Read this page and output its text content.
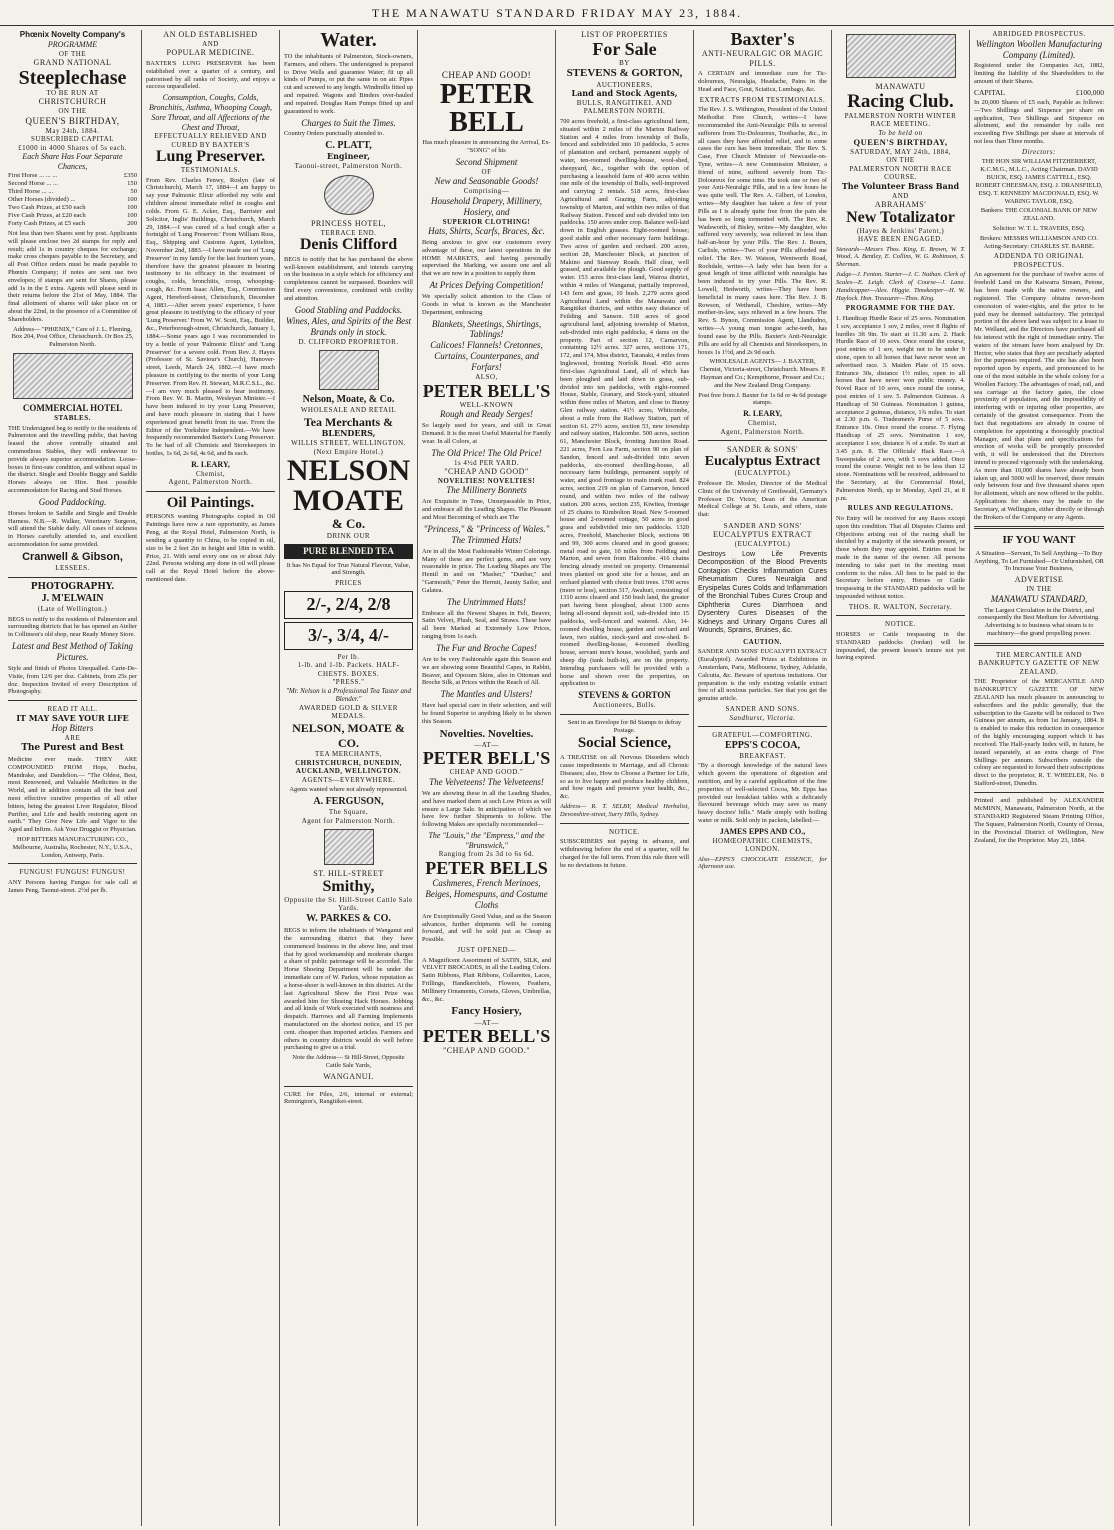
THE MANAWATU STANDARD FRIDAY MAY 23, 1884.
Phœnix Novelty Company's
PROGRAMME
OF THE
GRAND NATIONAL
Steeplechase
TO BE RUN AT
CHRISTCHURCH
ON THE
QUEEN'S BIRTHDAY,
May 24th, 1884.
SUBSCRIBED CAPITAL
£1000 in 4000 Shares of 5s each.
Each Share Has Four Separate Chances,
First Horse ... ... ...	£350
Second Horse ... ...	150
Third Horse ... ...	50
Other Horses (divided) ...	100
Two Cash Prizes, at £50 each	100
Five Cash Prizes, at £20 each	100
Forty Cash Prizes, at £5 each	200
Not less than two Shares sent by post. Applicants will please enclose two 2d stamps for reply and result; add 1s in country cheques for exchange; make cross cheques payable to the Secretary, and all Post Office orders must be made payable to Phœnix Company; if notes are sent use two envelopes; if stamps are sent for Shares, please add 1s in the £ extra. Agents will please send in their returns before the 21st of May, 1884. The final allotment of shares will take place on or about the 22nd, in the presence of a Committee of Shareholders.
Address— "PHŒNIX," Care of J. L. Fleming, Box 204, Post Office, Christchurch. Or Box 25, Palmerston North.
COMMERCIAL HOTEL
STABLES.
THE Undersigned beg to notify to the residents of Palmerston and the travelling public, that having leased the above centrally situated and commodious Stables, they will endeavour to provide always superior accommodation. Loose-boxes in first-rate condition, and without equal in the district. Single and Double Buggy and Saddle Horses always on Hire. Best possible accommodation for Racing and Stud Horses.
Good Paddocking.
Horses broken to Saddle and Single and Double Harness. N.B.—R. Walker, Veterinary Surgeon, will attend the Stable daily. All cases of sickness in Horses carefully attended to, and excellent accommodation for same provided.
Cranwell & Gibson,
LESSEES.
PHOTOGRAPHY.
J. M'ELWAIN
(Late of Wellington.)
BEGS to notify to the residents of Palmerston and surrounding districts that he has opened an Atelier in Collinson's old shop, near Ready Money Store.
Latest and Best Method of Taking Pictures.
Style and finish of Photos Unequalled. Carte-De-Visite, from 12/6 per doz. Cabinets, from 25s per doz. Inspection Invited of every Description of Photography.
READ IT ALL.
IT MAY SAVE YOUR LIFE
Hop Bitters
ARE
The Purest and Best
Medicine ever made. THEY ARE COMPOUNDED FROM Hops, Buchu, Mandrake, and Dandelion.— "The Oldest, Best, most Renowned, and Valuable Medicines in the World, and in addition contain all the best and most effective curative properties of all other bitters, being the greatest Liver Regulator, Blood Purifier, and Life and health restoring agent on earth." They Give New Life and Vigor to the Aged and Infirm. Ask Your Druggist or Physician.
HOP BITTERS MANUFACTURING CO., Melbourne, Australia, Rochester, N.Y., U.S.A., London, Antwerp, Paris.
FUNGUS! FUNGUS! FUNGUS!
ANY Persons having Fungus for sale call at James Peng, Taonui-street. 2½d per lb.
AN OLD ESTABLISHED
AND
POPULAR MEDICINE.
BAXTER'S LUNG PRESERVER has been established over a quarter of a century, and patronised by all ranks of Society, and enjoys a success unparalleled.
Consumption, Coughs, Colds, Bronchitis, Asthma, Whooping Cough, Sore Throat, and all Affections of the Chest and Throat,
EFFECTUALLY RELIEVED AND CURED BY BAXTER'S
Lung Preserver.
TESTIMONIALS.
From Rev. Charles Fenwy, Roslyn (late of Christchurch), March 17, 1884—I am happy to say your Palmonic Elixir afforded my wife and children almost immediate relief in coughs and colds. From G. E. Acker, Esq., Barrister and Solicitor, Inglis' Buildings, Christchurch, March 29, 1884.—I was cured of a bad cough after a fortnight of 'Lung Preserver.' From William Ross, Esq., Shipping and Customs Agent, Lyttelton, November 2nd, 1883.—I have made use of 'Lung Preserver' in my family for the last fourteen years, therefore have the greatest pleasure in bearing testimony to its efficacy in the treatment of coughs, colds, bronchitis, croup, whooping-cough, &c. From Isaac Allen, Esq., Commission Agent, Hereford-street, Christchurch, December 4, 1883.—After seven years' experience, I have great pleasure in testifying to the efficacy of your 'Lung Preserver.' From W. W. Scott, Esq., Builder, &c., Peterborough-street, Christchurch, January 1, 1884.—Some years ago I was recommended to try a bottle of your 'Palmonic Elixir' and 'Lung Preserver' for a severe cold. From Rev. J. Hayes (Professor of St. Saviour's Church), Hanover-street, Leeds, March 24, 1882.—I have much pleasure in certifying to the merits of your Lung Preserver. From Rev. H. Stewart, M.R.C.S.L., &c.—I am very much pleased to bear testimony. From Rev. W. B. Martin, Wesleyan Minister.—I have been induced to try your Lung Preserver, and have much pleasure in stating that I have experienced great benefit from its use. From the Editor of the Yorkshire Independent.—We have frequently recommended Baxter's Lung Preserver. To be had of all Chemists and Storekeepers in bottles, 1s 6d, 2s 6d, 4s 6d, and 8s each.
R. LEARY,
Chemist,
Agent, Palmerston North.
Oil Paintings.
PERSONS wanting Photographs copied in Oil Paintings have now a rare opportunity, as James Peng, at the Royal Hotel, Palmerston North, is sending a quantity to China, to be copied in oil, size to be 2 feet 2in in height and 18in in width. Price, 21. With send every one on or about July 22nd. Persons wishing any done in oil will please call at the Royal Hotel before the above-mentioned date.
Water.
TO the inhabitants of Palmerston, Stock-owners, Farmers, and others. The undersigned is prepared to Drive Wells and guarantee Water; fit up all kinds of Pumps, or put the same in on air. Pipes cut and screwed to any length. Windmills fitted up and repaired. Wagons and Binders over-hauled and repaired. Douglas Ram Pumps fitted up and guaranteed to work.
Charges to Suit the Times.
Country Orders punctually attended to.
C. PLATT,
Engineer,
Taonui-street, Palmerston North.
PRINCESS HOTEL,
TERRACE END.
Denis Clifford
BEGS to notify that he has purchased the above well-known establishment, and intends carrying on the business in a style which for efficiency and completeness cannot be surpassed. Boarders will find every convenience, combined with civility and attention.
Good Stabling and Paddocks.
Wines, Ales, and Spirits of the Best Brands only in stock.
D. CLIFFORD PROPRIETOR.
Nelson, Moate, & Co.
WHOLESALE AND RETAIL
Tea Merchants &
BLENDERS,
WILLIS STREET, WELLINGTON. (Next Empire Hotel.)
NELSON
MOATE
& Co.
DRINK OUR
PURE BLENDED TEA
It has No Equal for True Natural Flavour, Value, and Strength.
PRICES
2/-, 2/4, 2/8
3/-, 3/4, 4/-
Per lb.
1-lb. and 1-lb. Packets. HALF-CHESTS. BOXES.
"PRESS."
"Mr. Nelson is a Professional Tea Taster and Blender."
AWARDED GOLD & SILVER MEDALS.
NELSON, MOATE & CO.
TEA MERCHANTS,
CHRISTCHURCH, DUNEDIN, AUCKLAND, WELLINGTON.
AGENTS—EVERYWHERE.
Agents wanted where not already represented.
A. FERGUSON,
The Square,
Agent for Palmerston North.
ST. HILL-STREET
Smithy,
Opposite the St. Hill-Street Cattle Sale Yards.
W. PARKES & CO.
BEGS to inform the inhabitants of Wanganui and the surrounding district that they have commenced business in the above line, and trust that by good workmanship and moderate charges a share of public patronage will be accorded. The Horse Shoeing Department will be under the immediate care of W. Parkes, whose reputation as a horse-shoer is well-known in this district. At the last Agricultural Show the First Prize was awarded him for Shoeing Hack Horses. Jobbing and all kinds of Work executed with neatness and despatch. Harrows and all Farming Implements manufactured on the shortest notice, and 15 per cent. cheaper than imported articles. Farmers and others in country districts would do well before purchasing to give us a trial.
Note the Address— St Hill-Street, Opposite Cattle Sale Yards,
WANGANUI.
CURE for Piles, 2/6, internal or external; Remington's, Rangitikei-street.
CHEAP AND GOOD!
PETER BELL
Has much pleasure in announcing the Arrival, Ex-"SONG" of his
Second Shipment
OF
New and Seasonable Goods!
Comprising—
Household Drapery, Millinery, Hosiery, and
SUPERIOR CLOTHING!
Hats, Shirts, Scarfs, Braces, &c.
Being anxious to give our customers every advantage of these, our latest operations in the HOME MARKETS, and having personally supervised the Marking, we assure one and all that we are now in a position to supply them
At Prices Defying Competition!
We specially solicit attention to the Class of Goods in what is known as the Manchester Department, embracing
Blankets, Sheetings, Shirtings, Tablings!
Calicoes! Flannels! Cretonnes, Curtains, Counterpanes, and Forfars!
ALSO,
PETER BELL'S
WELL-KNOWN
Rough and Ready Serges!
So largely used for years, and still in Great Demand. It is the most Useful Material for Family wear. In all Colors, at
The Old Price! The Old Price!
1s 4½d PER YARD.
"CHEAP AND GOOD"
NOVELTIES! NOVELTIES!
The Millinery Bonnets
Are Exquisite in Tone, Unsurpassable in Price, and embrace all the Leading Shapes. The Pleasant and Most Becoming of which are The
"Princess," & "Princess of Wales."
The Trimmed Hats!
Are in all the Most Fashionable Winter Colorings. Many of these are perfect gems, and are very reasonable in price. The Leading Shapes are The Hentil in and on "Masher," "Dunbar," and "Garmouth," Peter the Hermit, Jaunty Sailor, and Galatea.
The Untrimmed Hats!
Embrace all the Newest Shapes in Felt, Beaver, Satin Velvet, Plush, Seal, and Straws. These have all been Marked at Extremely Low Prices, ranging from 1s each.
The Fur and Broche Capes!
Are to be very Fashionable again this Season and we are showing some Beautiful Capes, in Rabbit, Beaver, and Oposum Skins, also in Ottoman and Broche Silk, at Prices within the Reach of All.
The Mantles and Ulsters!
Have had special care in their selection, and will be found Superior to anything likely to be shown this Season.
Novelties. Novelties.
—AT—
PETER BELL'S
CHEAP AND GOOD."
The Velveteens! The Velveteens!
We are showing these in all the Leading Shades, and have marked them at such Low Prices as will ensure a Large Sale. In anticipation of which we have few further Shipments to follow. The following Makes are specially recommended—
The "Louis," the "Empress," and the "Brunswick,"
Ranging from 2s 3d to 6s 6d.
PETER BELLS
Cashmeres, French Merinoes, Beiges, Homespuns, and Costume Cloths
Are Exceptionally Good Value, and as the Season advances, further shipments will be coming forward, and will be sold just as Cheap as Possible.
JUST OPENED—
A Magnificent Assortment of SATIN, SILK, and VELVET BROCADES, in all the Leading Colors. Satin Ribbons, Plait Ribbons, Collarettes, Laces, Frillings, Handkerchiefs, Flowers, Feathers, Millinery Ornaments, Corsets, Gloves, Umbrellas, &c., &c.
Fancy Hosiery,
—AT—
PETER BELL'S
"CHEAP AND GOOD."
LIST OF PROPERTIES
For Sale
BY
STEVENS & GORTON,
AUCTIONEERS,
Land and Stock Agents,
BULLS, RANGITIKEI. AND PALMERSTON NORTH.
700 acres freehold, a first-class agricultural farm, situated within 2 miles of the Marton Railway Station and 4 miles from township of Bulls, fenced and subdivided into 10 paddocks, 5 acres of plantation and orchard, permanent supply of water, ten-roomed dwelling-house, wool-shed, sheepyard, &c., together with the option of purchasing a leasehold farm of 400 acres within one mile of the township of Bulls, well-improved and carrying 2 rentals. 518 acres, first-class Agricultural and Grazing Farm, adjoining township of Marton, and within two miles of that Railway Station. Fenced and sub divided into ten paddocks. 150 acres under crop. Balance well-laid down in English grasses. Eight-roomed house; good stable and other necessary farm buildings. Two acres of garden and orchard. 200 acres, section 28, Manchester Block, at junction of Makino and Stanway Roads. Half clear, well grassed, and available for plough. Good supply of water. 153 acres first-class land, Wairoa district, within 4 miles of Wanganui, partially improved, 143 fern and grass, 10 bush. 2,279 acres good Agricultural Land within the Manawatu and Rangitikei districts, and within easy distance of Feilding and Sanson. 518 acres of good agricultural land, adjoining township of Marton, sub-divided into eight paddocks, 4 dams on the property. Part of section 12, Carnarvon, containing 12½ acres. 327 acres, sections 171, 172, and 174, Moa district, Taranaki, 4 miles from Inglewood, fronting Norfolk Road. 450 acres first-class Agricultural Land, all of which has been ploughed and laid down in grass, sub-divided into ten paddocks, with eight-roomed House, Stable, Granary, and Stock-yard, situated within three miles of Marton, and close to Bunny Glen railway station. 41½ acres, Whitcombe, about a mile from the Railway Station, part of section 61. 27½ acres, section 53, new township and railway station, Halcombe. 500 acres, section 61, Manchester Block, fronting Junction Road. 221 acres, Fern Lea Farm, section 90 on plan of Sandon, fenced and sub-divided into seven paddocks, six-roomed dwelling-house, all necessary farm buildings, permanent supply of water, and good frontage to main trunk road. 824 acres, section 219 on plan of Carnarvon, fenced round, and within two miles of the railway station. 200 acres, section 235, Kiwitea, frontage of 25 chains to Kimbolton Road. New 5-roomed house and 2-roomed cottage, 50 acres in good grass and subdivided into ten paddocks. 1320 acres, Freehold, Manchester Block, sections 98 and 99, 300 acres cleared and in good grasses; metal road to gate, 10 miles from Feilding and Marton, and seven from Halcombe. 416 chains fencing already erected on property. Ornamental trees planted on good site for a house, and an orchard planted with choice fruit trees. 1700 acres (more or less), section 317, Awahuri, consisting of 1310 acres cleared and 150 bush land, the greater part having been ploughed, about 1300 acres being all-round deposit soil, sub-divided into 15 paddocks, well-fenced and watered. Also, 14-roomed dwelling house, garden and orchard and lawn, two stables, stock-yard and cow-shed. 8-roomed dwelling-house, 4-roomed dwelling house, servant men's house, woolshed, yards and sheep dip (tank built-in), are on the property. Intending purchasers will be provided with a horse and shown over the properties, on application to
STEVENS & GORTON
Auctioneers, Bulls.
Sent in an Envelope for 8d Stamps to defray Postage.
Social Science,
A TREATISE on all Nervous Disorders which cause impediments to Marriage, and all Chronic Diseases; also, How to Choose a Partner for Life, so as to live happy and produce healthy children, and how regain and preserve your health, &c., &c.
Address— R. T. SELBY, Medical Herbalist, Devonshire-street, Surry Hills, Sydney.
NOTICE.
SUBSCRIBERS not paying in advance, and withdrawing before the end of a quarter, will be charged for the full term. From this rule there will be no deviations in future.
Baxter's
ANTI-NEURALGIC OR MAGIC PILLS.
A CERTAIN and immediate cure for Tic-doloureux, Neuralgia, Headache, Pains in the Head and Face, Gout, Sciatica, Lumbago, &c.
EXTRACTS FROM TESTIMONIALS.
The Rev. J. S. Withington, President of the United Methodist Free Church, writes—I have recommended the Anti-Neuralgic Pills to several sufferers from Tic-Doloureux, Toothache, &c., in all cases they have afforded relief, and in some cases the cure has been immediate. The Rev. S. Case, Free Church Minister of Newcastle-on-Tyne, writes—A new Commission Minister, a friend of mine, suffered severely from Tic-Doloureux for some time. He took one or two of your Anti-Neuralgic Pills, and in a few hours he was quite well. The Rev. A. Gilbert, of London, writes—My daughter has taken a few of your Pills as I is already quite free from the pain she has been so long tormented with. The Rev. R. Wadsworth, of Bisley, writes—My daughter, who suffered very severely, was relieved in less than half-an-hour by your Pills. The Rev. J. Bourn, Carlisle, writes—Two of your Pills afforded me relief. The Rev. W. Watson, Wentworth Road, Rochdale, writes—A lady who has been for a great length of time afflicted with neuralgia has been induced to try your Pills. The Rev. R. Lowell, Hedworth, writes—They have been beneficial in many cases here. The Rev. J. B. Rowson, of Wetherall, Cheshire, writes—My mother-in-law, says relieved in a few hours. The Rev. S. Bynon, Commission Agent, Llandudno, writes—A young man tongue ache-teeth, has found ease by the Pills. Baxter's Anti-Neuralgic Pills are sold by all Chemists and Storekeepers, in boxes 1s 1½d, and 2s 9d each.
WHOLESALE AGENTS— J. BAXTER, Chemist, Victoria-street, Christchurch. Messrs. P. Hayman and Co.; Kempthorne, Prosser and Co.; and the New Zealand Drug Company.
Post free from J. Baxter for 1s 6d or 4s 6d postage stamps.
R. LEARY,
Chemist,
Agent, Palmerston North.
SANDER & SONS'
Eucalyptus Extract
(EUCALYPTOL)
Professor Dr. Mosler, Director of the Medical Clinic of the University of Greifswald, Germany's Professor Dr. Victor, Dean of the American Medical College at St. Louis, and others, state that:
SANDER AND SONS'
EUCALYPTUS EXTRACT
(EUCALYPTOL)
Destroys Low Life Prevents Decomposition of the Blood Prevents Contagion Checks Inflammation Cures Rheumatism Cures Neuralgia and Erysipelas Cures Colds and Inflammation of the Bronchial Tubes Cures Croup and Diphtheria Cures Diarrhoea and Dysentery Cures Diseases of the Kidneys and Urinary Organs Cures all Wounds, Sprains, Bruises, &c.
CAUTION.
SANDER AND SONS' EUCALYPTI EXTRACT (Eucalyptol). Awarded Prizes at Exhibitions in Amsterdam, Paris, Melbourne, Sydney, Adelaide, Calcutta, &c. Beware of spurious imitations. Our preparation is the only existing volatile extract free of all noxious particles. See that you get the genuine article.
SANDER AND SONS.
Sandhurst, Victoria.
GRATEFUL—COMFORTING.
EPPS'S COCOA,
BREAKFAST.
"By a thorough knowledge of the natural laws which govern the operations of digestion and nutrition, and by a careful application of the fine properties of well-selected Cocoa, Mr. Epps has provided our breakfast tables with a delicately flavoured beverage which may save us many heavy doctors' bills." Made simply with boiling water or milk. Sold only in packets, labelled:—
JAMES EPPS AND CO.,
HOMŒOPATHIC CHEMISTS, LONDON.
Also—EPPS'S CHOCOLATE ESSENCE, for Afternoon use.
MANAWATU
Racing Club.
PALMERSTON NORTH WINTER RACE MEETING.
To be held on
QUEEN'S BIRTHDAY,
SATURDAY, MAY 24th, 1884,
ON THE
PALMERSTON NORTH RACE COURSE.
The Volunteer Brass Band
AND
ABRAHAMS'
New Totalizator
(Hayes & Jenkins' Patent,)
HAVE BEEN ENGAGED.
Stewards—Messrs Thos. King, E. Brown, W. T. Wood, A. Bentley, E. Collins, W. G. Robinson, S. Sherman.
Judge—J. Fenton. Starter—J. C. Nathan. Clerk of Scales—E. Leigh. Clerk of Course—J. Lane. Handicapper—Alex. Higgie. Timekeeper—H. W. Haylock. Hon. Treasurer—Thos. King.
PROGRAMME FOR THE DAY.
1. Handicap Hurdle Race of 25 sovs. Nomination 1 sov, acceptance 1 sov, 2 miles, over 8 flights of hurdles 3ft 9in. To start at 11.30 a.m. 2. Hack Hurdle Race of 10 sovs. Once round the course, post entries of 1 sov, weight not to be under 9 stone, open to all horses that have never won an advertised race. 3. Maiden Plate of 15 sovs. Entrance 30s, distance 1½ miles, open to all horses that have never won public money. 4. Novel Race of 10 sovs, once round the course, post entries of 1 sov. 5. Palmerston Guineas. A Handicap of 50 Guineas. Nomination 1 guinea, acceptance 2 guineas, distance, 1¾ miles. To start at 2.30 p.m. 6. Tradesmen's Purse of 5 sovs. Entrance 10s. Once round the course. 7. Flying Handicap of 25 sovs. Nomination 1 sov, acceptance 1 sov, distance ¾ of a mile. To start at 3.45 p.m. 8. The Officials' Hack Race.—A Sweepstake of 2 sovs, with 5 sovs added. Once round the course. Weight not to be less than 12 stone. Nominations will be received, addressed to the Secretary, at the Commercial Hotel, Palmerston North, up to Monday, April 21, at 8 p.m.
RULES AND REGULATIONS.
No Entry will be received for any Races except upon this condition. That all Disputes Claims and Objections arising out of the racing shall be decided by a majority of the stewards present, or those whom they may appoint. Entries must be made in the name of the owner. All persons intending to take part in the meeting must conform to the rules. All fees to be paid to the Secretary before entry. Horses or Cattle trespassing in the STANDARD paddocks will be impounded without notice.
THOS. R. WALTON, Secretary.
NOTICE.
HORSES or Cattle trespassing in the STANDARD paddocks (Jordan) will be impounded, the present lessee's tenure not yet having expired.
ABRIDGED PROSPECTUS.
Wellington Woollen Manufacturing Company (Limited).
Registered under the Companies Act, 1882, limiting the liability of the Shareholders to the amount of their Shares.
CAPITAL	£100,000
In 20,000 Shares of £5 each, Payable as follows:—Two Shillings and Sixpence per share on application, Two Shillings and Sixpence on allotment, and the remainder by calls not exceeding Five Shillings per share at intervals of not less than Three months.
Directors:
THE HON SIR WILLIAM FITZHERBERT, K.C.M.G., M.L.C., Acting Chairman. DAVID BUICK, ESQ. JAMES CATTELL, ESQ. ROBERT CHEESMAN, ESQ. J. DRANSFIELD, ESQ. T. KENNEDY MACDONALD, ESQ. W. WARING TAYLOR, ESQ.
Bankers: THE COLONIAL BANK OF NEW ZEALAND.
Solicitor: W. T. L. TRAVERS, ESQ.
Brokers: MESSRS WILLIAMSON AND CO. Acting-Secretary: CHARLES ST. BARBE.
ADDENDA TO ORIGINAL PROSPECTUS.
An agreement for the purchase of twelve acres of freehold Land on the Kaiwarra Stream, Petone, has been made with the native owners, and registered. The Company obtains never-been concession of water-rights, and the price to be paid may be deemed satisfactory. The principal portion of the above land was subject to a lease to Mr. Welland, and the Directors have purchased all his interest with the right of immediate entry. The waters of the stream have been analysed by Dr. Hector, who states that they are peculiarly adapted for the purposes required. The site has also been reported upon by experts, and pronounced to be one of the most suitable in the whole colony for a Woollen Factory. The advantages of road, rail, and sea carriage at the factory gates, the close proximity of population, and the impossibility of interfering with or injuring other properties, are certainly of the greatest consequence. From the fact that negotiations are already in course of completion for appointing a thoroughly practical Manager, and that plans and specifications for erection of works will be promptly proceeded with, it will be understood that the Directors intend to proceed vigorously with the undertaking. As more than 10,000 shares have already been taken up, and 5000 will be reserved, there remain only between four and five thousand shares open for allotment, which are now offered to the public. Applications for shares may be made to the Secretary, at Wellington, either directly or through the Brokers of the Company or any Agents.
IF YOU WANT
A Situation—Servant, To Sell Anything—To Buy Anything, To Let Furnished—Or Unfurnished, OR To Increase Your Business,
ADVERTISE
IN THE
MANAWATU STANDARD,
The Largest Circulation in the District, and consequently the Best Medium for Advertising. Advertising is to business what steam is to machinery—the grand propelling power.
THE MERCANTILE AND BANKRUPTCY GAZETTE OF NEW ZEALAND.
THE Proprietor of the MERCANTILE AND BANKRUPTCY GAZETTE OF NEW ZEALAND has much pleasure in announcing to subscribers and the public generally, that the subscription to the Gazette will be reduced to Two Guineas per annum, as from 1st January, 1884. It is enabled to make this reduction in consequence of the highly encouraging support which it has received. The Half-yearly Index will, in future, be issued separately, at an extra charge of Five Shillings per annum. Subscribers outside the colony are requested to forward their subscriptions direct to the proprietor, R. T. WHEELER, No. 8 Stafford-street, Dunedin.
Printed and published by ALEXANDER McMINN, Manawatu, Palmerston North, at the STANDARD Registered Steam Printing Office, The Square, Palmerston North, County of Oroua, in the Provincial District of Wellington, New Zealand, for the Proprietor. May 23, 1884.
